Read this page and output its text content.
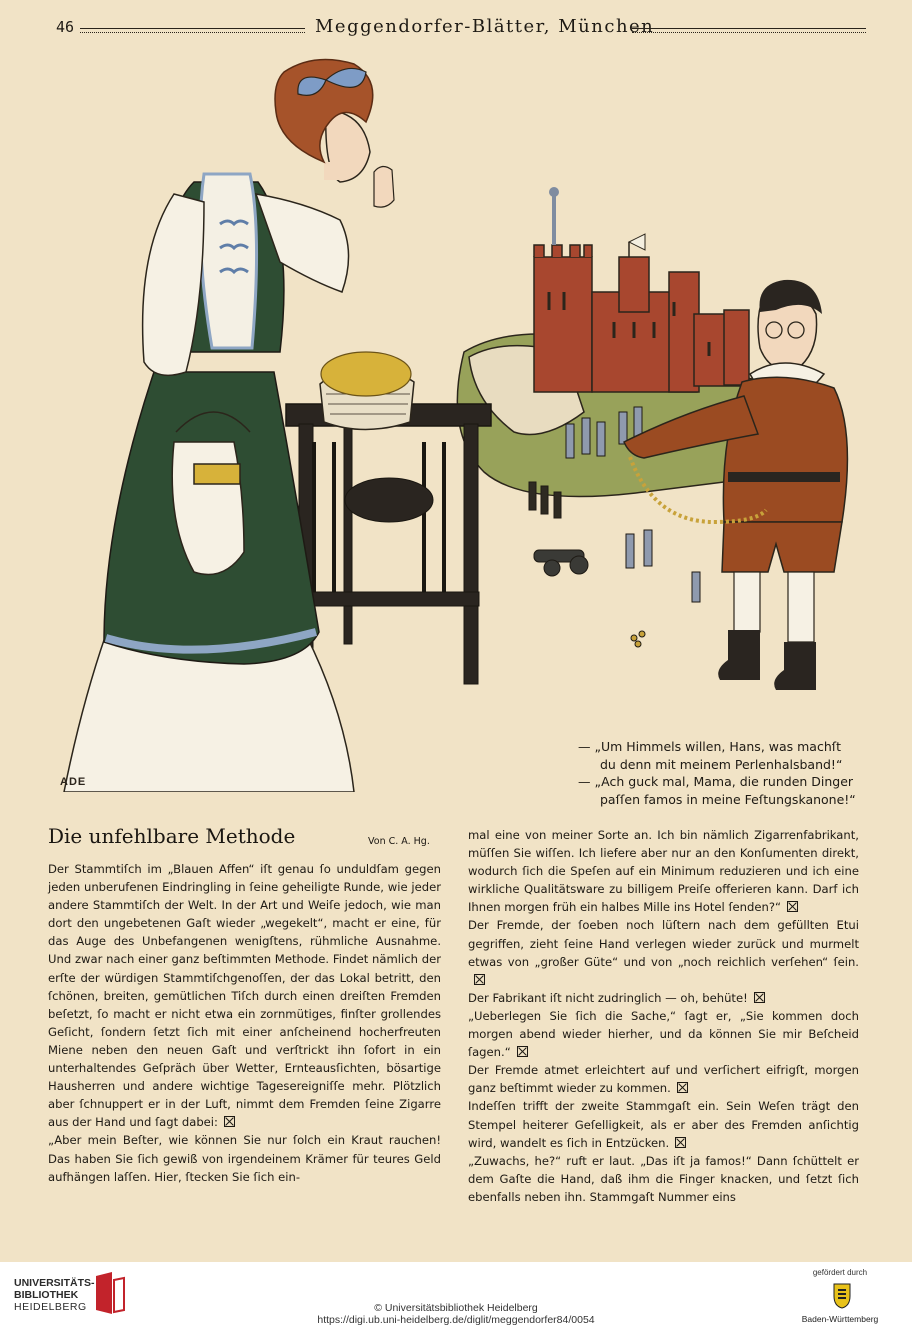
46	Meggendorfer-Blätter, München
ADE

— „Um Himmels willen, Hans, was machſt

du denn mit meinem Perlenhalsband!“

— „Ach guck mal, Mama, die runden Dinger

paſſen famos in meine Feſtungskanone!“

Die unfehlbare Methode	Von C. A. Hg.

Der Stammtiſch im „Blauen Affen“ iſt genau ſo unduldſam gegen jeden unberufenen Eindringling in ſeine geheiligte Runde, wie jeder andere Stammtiſch der Welt. In der Art und Weiſe jedoch, wie man dort den ungebetenen Gaſt wieder „wegekelt“, macht er eine, für das Auge des Unbefangenen wenigſtens, rühmliche Ausnahme. Und zwar nach einer ganz beſtimmten Methode. Findet nämlich der erſte der würdigen Stammtiſchgenoſſen, der das Lokal betritt, den ſchönen, breiten, gemütlichen Tiſch durch einen dreiſten Fremden beſetzt, ſo macht er nicht etwa ein zornmütiges, finſter grollendes Geſicht, ſondern ſetzt ſich mit einer anſcheinend hocherfreuten Miene neben den neuen Gaſt und verſtrickt ihn ſofort in ein unterhaltendes Geſpräch über Wetter, Ernteausſichten, bösartige Hausherren und andere wichtige Tagesereigniſſe mehr. Plötzlich aber ſchnuppert er in der Luft, nimmt dem Fremden ſeine Zigarre aus der Hand und ſagt dabei:

„Aber mein Beſter, wie können Sie nur ſolch ein Kraut rauchen! Das haben Sie ſich gewiß von irgendeinem Krämer für teures Geld aufhängen laſſen. Hier, ſtecken Sie ſich ein-

mal eine von meiner Sorte an. Ich bin nämlich Zigarrenfabrikant, müſſen Sie wiſſen. Ich liefere aber nur an den Konſumenten direkt, wodurch ſich die Speſen auf ein Minimum reduzieren und ich eine wirkliche Qualitätsware zu billigem Preiſe offerieren kann. Darf ich Ihnen morgen früh ein halbes Mille ins Hotel ſenden?“

Der Fremde, der ſoeben noch lüſtern nach dem gefüllten Etui gegriffen, zieht ſeine Hand verlegen wieder zurück und murmelt etwas von „großer Güte“ und von „noch reichlich verſehen“ ſein.

Der Fabrikant iſt nicht zudringlich — oh, behüte!

„Ueberlegen Sie ſich die Sache,“ ſagt er, „Sie kommen doch morgen abend wieder hierher, und da können Sie mir Beſcheid ſagen.“

Der Fremde atmet erleichtert auf und verſichert eifrigſt, morgen ganz beſtimmt wieder zu kommen.

Indeſſen trifft der zweite Stammgaſt ein. Sein Weſen trägt den Stempel heiterer Geſelligkeit, als er aber des Fremden anſichtig wird, wandelt es ſich in Entzücken.

„Zuwachs, he?“ ruft er laut. „Das iſt ja famos!“ Dann ſchüttelt er dem Gaſte die Hand, daß ihm die Finger knacken, und ſetzt ſich ebenfalls neben ihn. Stammgaſt Nummer eins

UNIVERSITÄTS-
BIBLIOTHEK
HEIDELBERG	© Universitätsbibliothek Heidelberg
https://digi.ub.uni-heidelberg.de/diglit/meggendorfer84/0054
gefördert durch
Baden-Württemberg
